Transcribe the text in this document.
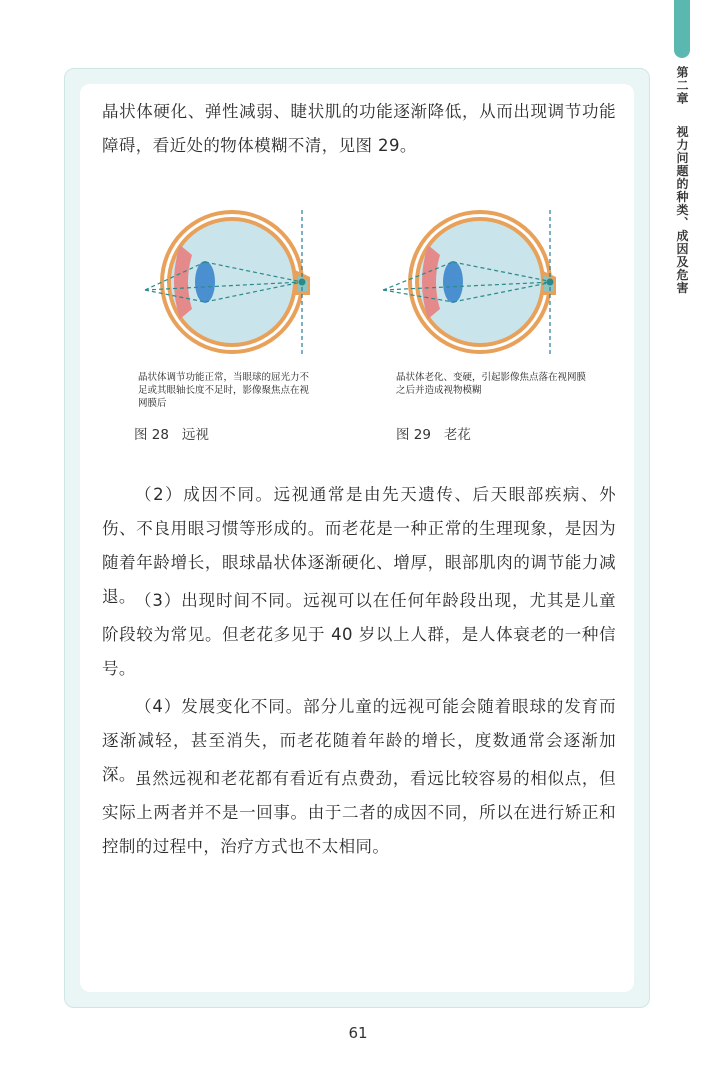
第二章  视力问题的种类、成因及危害

晶状体硬化、弹性减弱、睫状肌的功能逐渐降低，从而出现调节功能障碍，看近处的物体模糊不清，见图 29。

晶状体调节功能正常，当眼球的屈光力不足或其眼轴长度不足时，影像聚焦点在视网膜后
晶状体老化、变硬，引起影像焦点落在视网膜之后并造成视物模糊
图 28   远视	图 29   老花

（2）成因不同。远视通常是由先天遗传、后天眼部疾病、外伤、不良用眼习惯等形成的。而老花是一种正常的生理现象，是因为随着年龄增长，眼球晶状体逐渐硬化、增厚，眼部肌肉的调节能力减退。 （3）出现时间不同。远视可以在任何年龄段出现，尤其是儿童阶段较为常见。但老花多见于 40 岁以上人群，是人体衰老的一种信号。

（4）发展变化不同。部分儿童的远视可能会随着眼球的发育而逐渐减轻，甚至消失，而老花随着年龄的增长，度数通常会逐渐加深。 虽然远视和老花都有看近有点费劲，看远比较容易的相似点，但实际上两者并不是一回事。由于二者的成因不同，所以在进行矫正和控制的过程中，治疗方式也不太相同。

61
